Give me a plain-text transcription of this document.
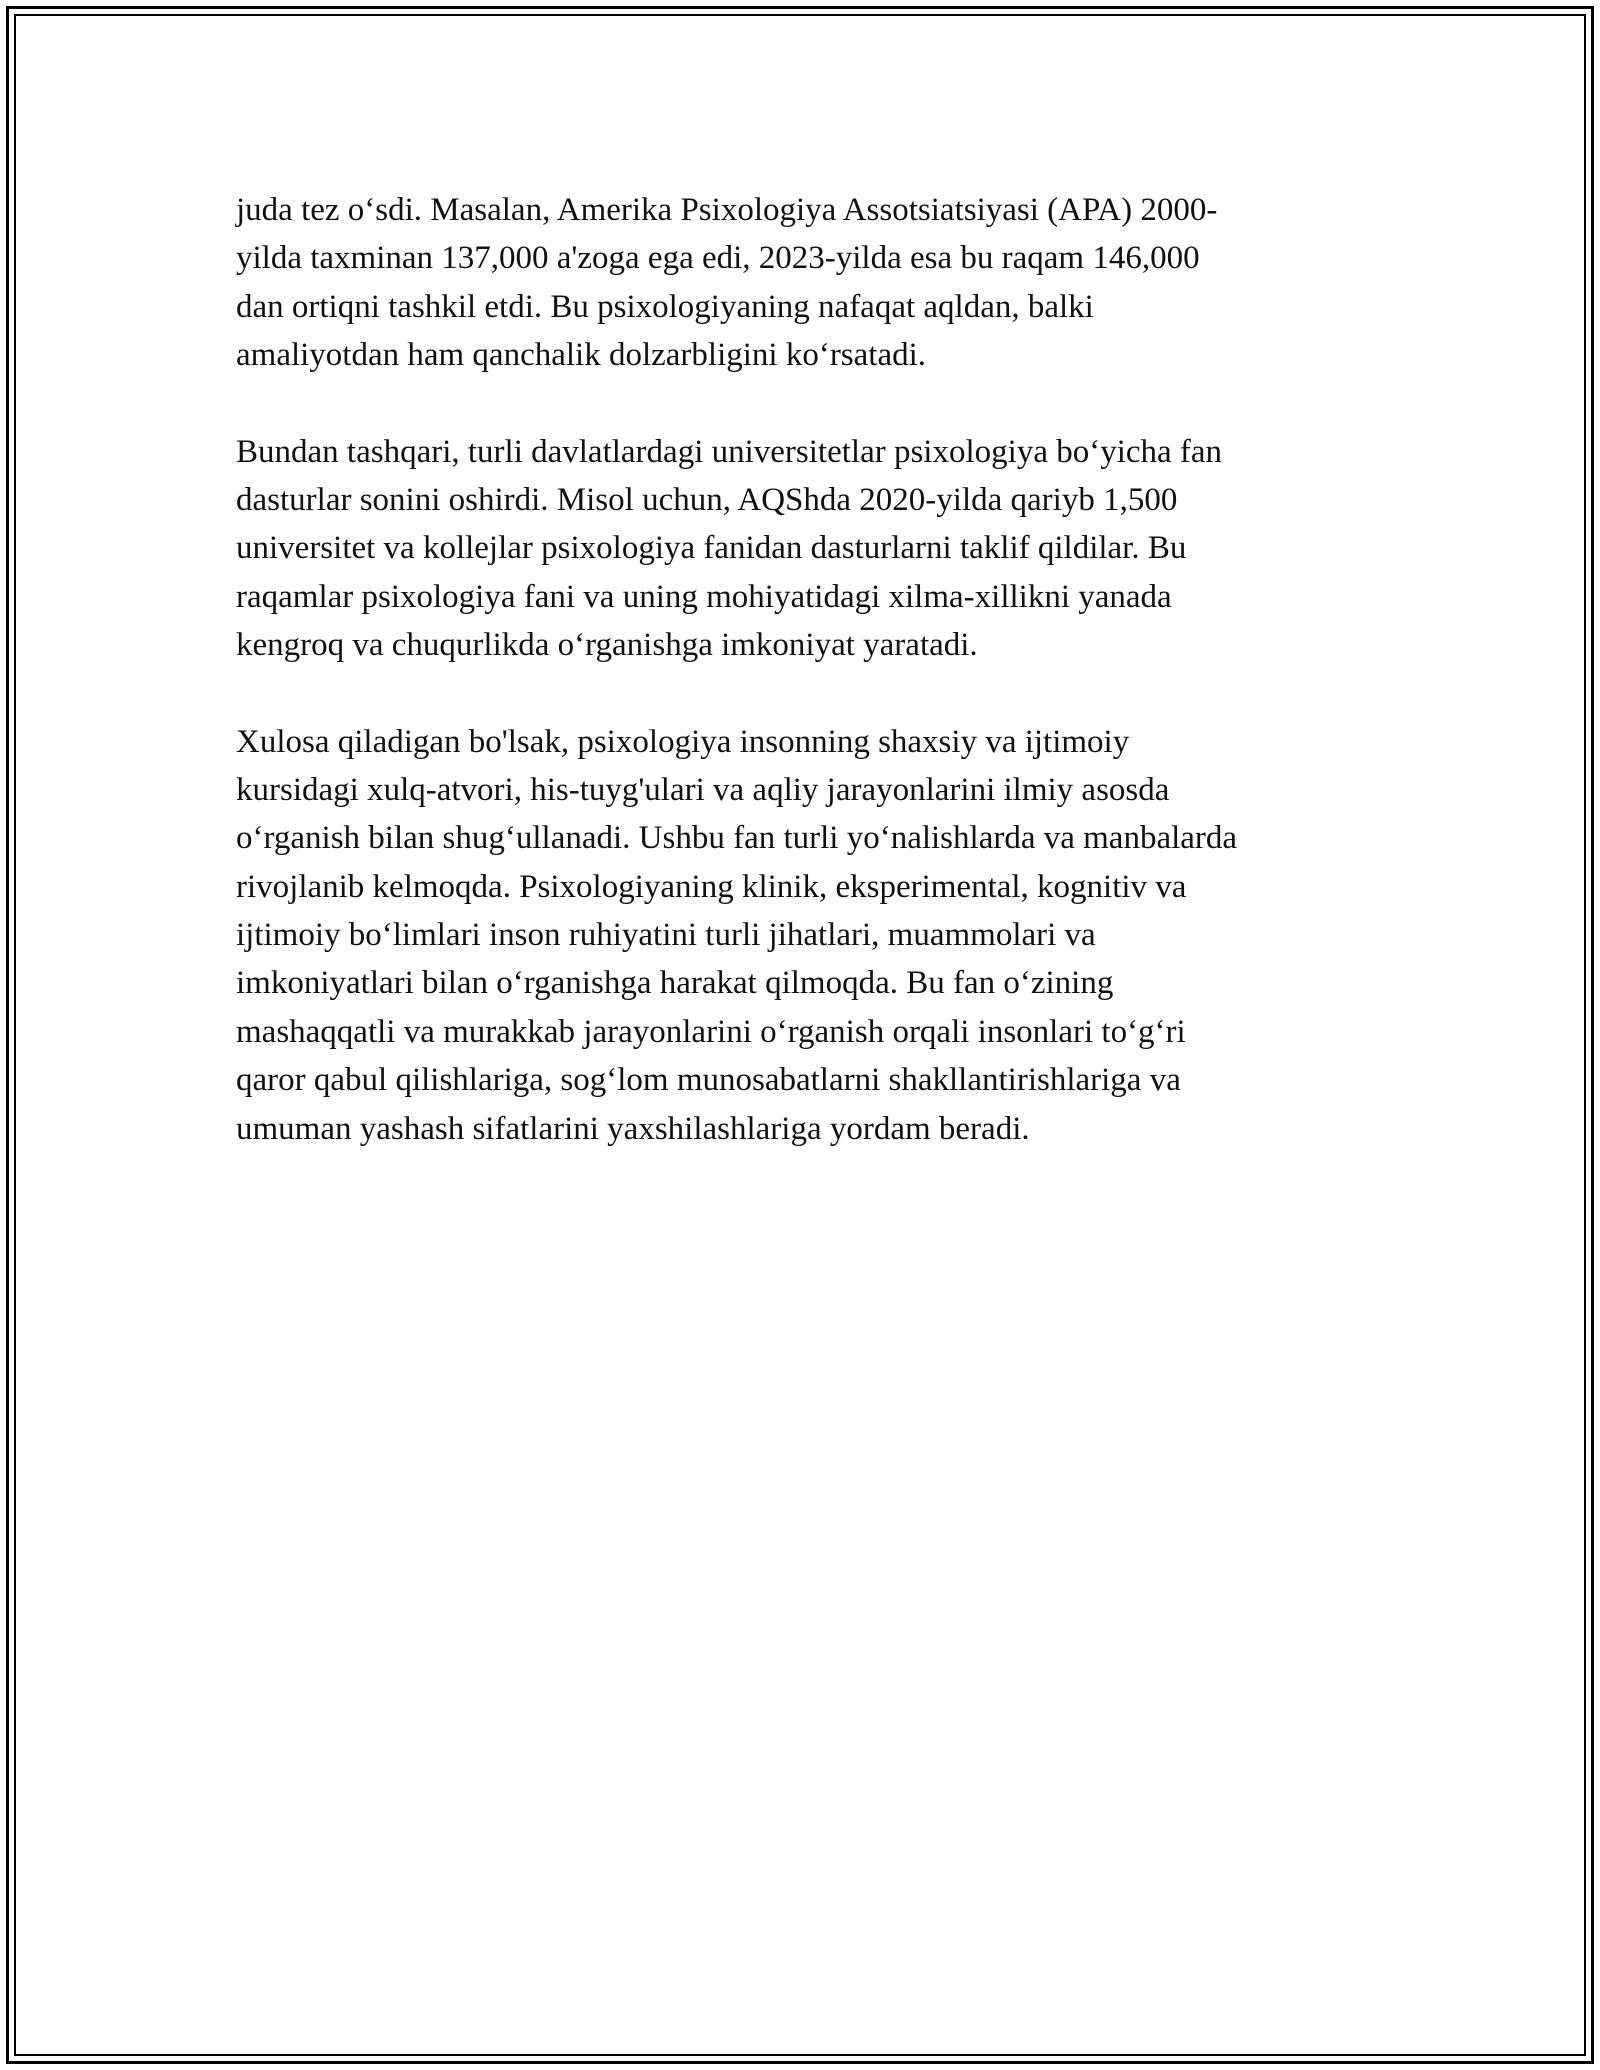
juda tez o‘sdi. Masalan, Amerika Psixologiya Assotsiatsiyasi (APA) 2000-
yilda taxminan 137,000 a'zoga ega edi, 2023-yilda esa bu raqam 146,000
dan ortiqni tashkil etdi. Bu psixologiyaning nafaqat aqldan, balki
amaliyotdan ham qanchalik dolzarbligini ko‘rsatadi.

Bundan tashqari, turli davlatlardagi universitetlar psixologiya bo‘yicha fan
dasturlar sonini oshirdi. Misol uchun, AQShda 2020-yilda qariyb 1,500
universitet va kollejlar psixologiya fanidan dasturlarni taklif qildilar. Bu
raqamlar psixologiya fani va uning mohiyatidagi xilma-xillikni yanada
kengroq va chuqurlikda o‘rganishga imkoniyat yaratadi.

Xulosa qiladigan bo'lsak, psixologiya insonning shaxsiy va ijtimoiy
kursidagi xulq-atvori, his-tuyg'ulari va aqliy jarayonlarini ilmiy asosda
o‘rganish bilan shug‘ullanadi. Ushbu fan turli yo‘nalishlarda va manbalarda
rivojlanib kelmoqda. Psixologiyaning klinik, eksperimental, kognitiv va
ijtimoiy bo‘limlari inson ruhiyatini turli jihatlari, muammolari va
imkoniyatlari bilan o‘rganishga harakat qilmoqda. Bu fan o‘zining
mashaqqatli va murakkab jarayonlarini o‘rganish orqali insonlari to‘g‘ri
qaror qabul qilishlariga, sog‘lom munosabatlarni shakllantirishlariga va
umuman yashash sifatlarini yaxshilashlariga yordam beradi.
